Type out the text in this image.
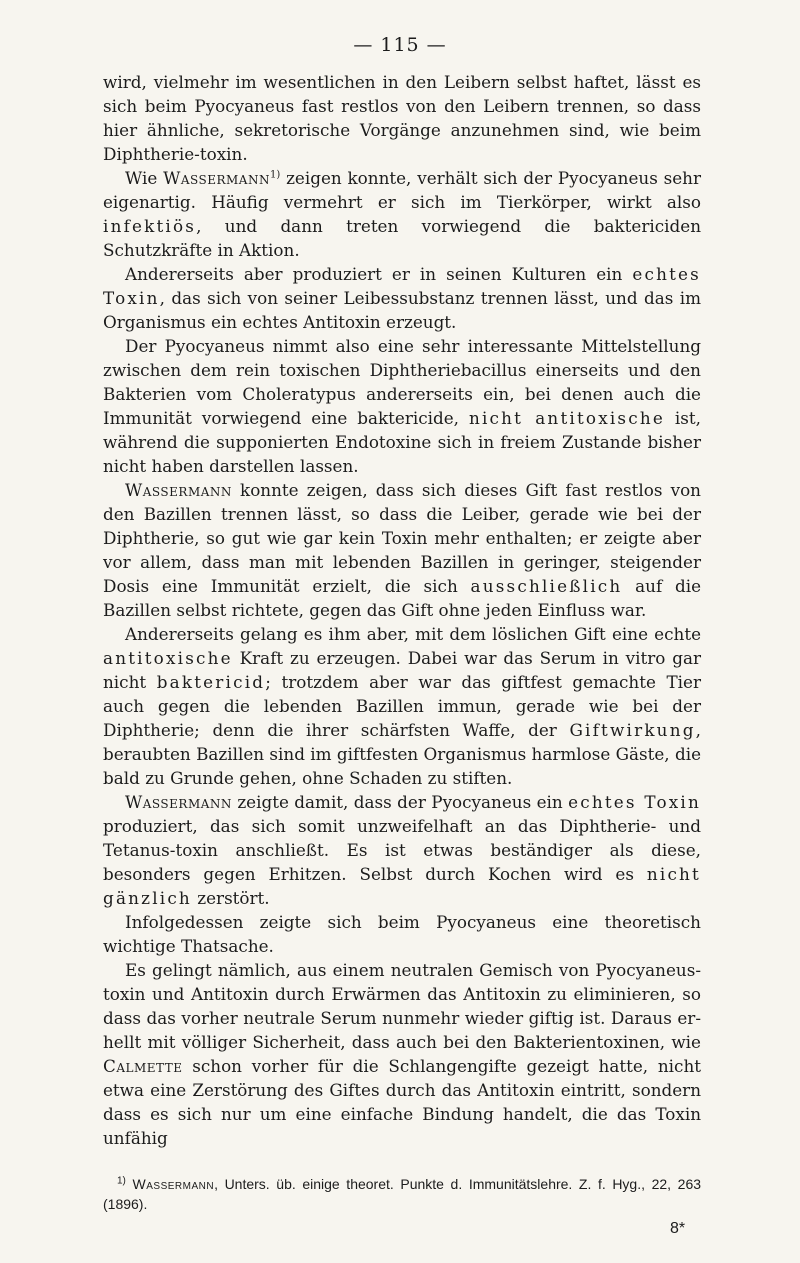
— 115 —

wird, vielmehr im wesentlichen in den Leibern selbst haftet, lässt es sich beim Pyocyaneus fast restlos von den Leibern trennen, so dass hier ähnliche, sekretorische Vorgänge anzunehmen sind, wie beim Diphtherie-toxin.

Wie Wassermann$^{1)}$ zeigen konnte, verhält sich der Pyocyaneus sehr eigenartig. Häufig vermehrt er sich im Tierkörper, wirkt also infektiös, und dann treten vorwiegend die baktericiden Schutzkräfte in Aktion.

Andererseits aber produziert er in seinen Kulturen ein echtes Toxin, das sich von seiner Leibessubstanz trennen lässt, und das im Organismus ein echtes Antitoxin erzeugt.

Der Pyocyaneus nimmt also eine sehr interessante Mittelstellung zwischen dem rein toxischen Diphtheriebacillus einerseits und den Bakterien vom Choleratypus andererseits ein, bei denen auch die Immunität vorwiegend eine baktericide, nicht antitoxische ist, während die supponierten Endotoxine sich in freiem Zustande bisher nicht haben darstellen lassen.

Wassermann konnte zeigen, dass sich dieses Gift fast restlos von den Bazillen trennen lässt, so dass die Leiber, gerade wie bei der Diphtherie, so gut wie gar kein Toxin mehr enthalten; er zeigte aber vor allem, dass man mit lebenden Bazillen in geringer, steigender Dosis eine Immunität erzielt, die sich ausschließlich auf die Bazillen selbst richtete, gegen das Gift ohne jeden Einfluss war.

Andererseits gelang es ihm aber, mit dem löslichen Gift eine echte antitoxische Kraft zu erzeugen. Dabei war das Serum in vitro gar nicht baktericid; trotzdem aber war das giftfest gemachte Tier auch gegen die lebenden Bazillen immun, gerade wie bei der Diphtherie; denn die ihrer schärfsten Waffe, der Giftwirkung, beraubten Bazillen sind im giftfesten Organismus harmlose Gäste, die bald zu Grunde gehen, ohne Schaden zu stiften.

Wassermann zeigte damit, dass der Pyocyaneus ein echtes Toxin produziert, das sich somit unzweifelhaft an das Diphtherie- und Tetanus-toxin anschließt. Es ist etwas beständiger als diese, besonders gegen Erhitzen. Selbst durch Kochen wird es nicht gänzlich zerstört.

Infolgedessen zeigte sich beim Pyocyaneus eine theoretisch wichtige Thatsache.

Es gelingt nämlich, aus einem neutralen Gemisch von Pyocyaneus-toxin und Antitoxin durch Erwärmen das Antitoxin zu eliminieren, so dass das vorher neutrale Serum nunmehr wieder giftig ist. Daraus er-hellt mit völliger Sicherheit, dass auch bei den Bakterientoxinen, wie Calmette schon vorher für die Schlangengifte gezeigt hatte, nicht etwa eine Zerstörung des Giftes durch das Antitoxin eintritt, sondern dass es sich nur um eine einfache Bindung handelt, die das Toxin unfähig

$^{1)}$ Wassermann, Unters. üb. einige theoret. Punkte d. Immunitätslehre. Z. f. Hyg., 22, 263 (1896).

8*
